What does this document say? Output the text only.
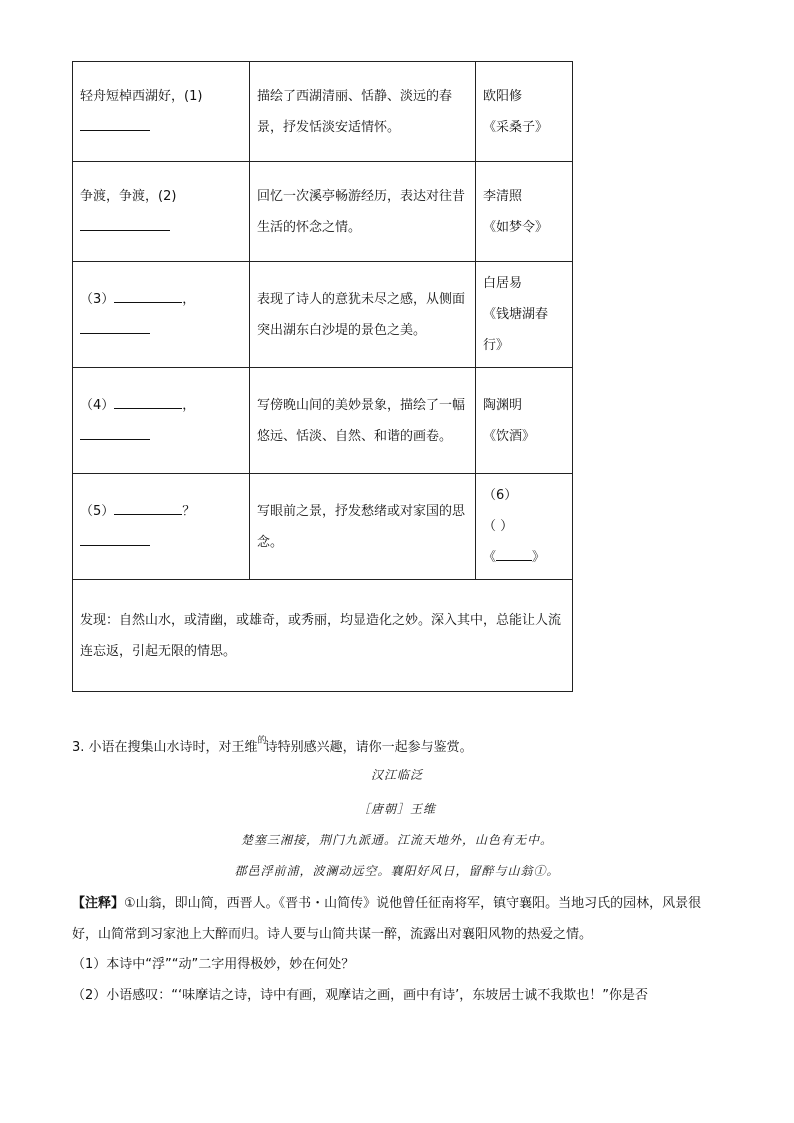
轻舟短棹西湖好，(1)	描绘了西湖清丽、恬静、淡远的春景，抒发恬淡安适情怀。	欧阳修
《采桑子》
争渡，争渡，(2)	回忆一次溪亭畅游经历，表达对往昔生活的怀念之情。	李清照
《如梦令》
（3） ，	表现了诗人的意犹未尽之感，从侧面突出湖东白沙堤的景色之美。	白居易
《钱塘湖春行》
（4） ，	写傍晚山间的美妙景象，描绘了一幅悠远、恬淡、自然、和谐的画卷。	陶渊明
《饮酒》
（5） ？	写眼前之景，抒发愁绪或对家国的思念。	（6）
（ ）
《 》
发现：自然山水，或清幽，或雄奇，或秀丽，均显造化之妙。深入其中，总能让人流连忘返，引起无限的情思。		
3. 小语在搜集山水诗时，对王维$^的$诗特别感兴趣，请你一起参与鉴赏。
汉江临泛
［唐朝］王维
楚塞三湘接，荆门九派通。江流天地外，山色有无中。
郡邑浮前浦，波澜动远空。襄阳好风日，留醉与山翁①。
【注释】①山翁，即山简，西晋人。《晋书・山简传》说他曾任征南将军，镇守襄阳。当地习氏的园林，风景很好，山简常到习家池上大醉而归。诗人要与山简共谋一醉，流露出对襄阳风物的热爱之情。
（1）本诗中“浮”“动”二字用得极妙，妙在何处？
（2）小语感叹：“‘味摩诘之诗，诗中有画，观摩诘之画，画中有诗’，东坡居士诚不我欺也！”你是否
